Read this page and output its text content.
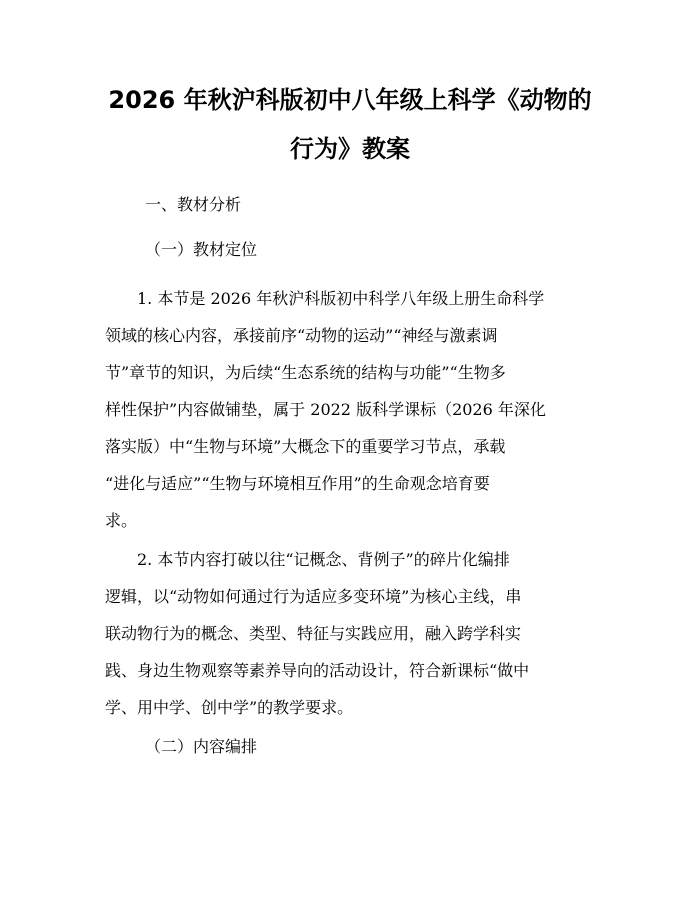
2026 年秋沪科版初中八年级上科学《动物的
行为》教案

一、教材分析

（一）教材定位

　　1. 本节是 2026 年秋沪科版初中科学八年级上册生命科学
领域的核心内容，承接前序“动物的运动”“神经与激素调
节”章节的知识，为后续“生态系统的结构与功能”“生物多
样性保护”内容做铺垫，属于 2022 版科学课标（2026 年深化
落实版）中“生物与环境”大概念下的重要学习节点，承载
“进化与适应”“生物与环境相互作用”的生命观念培育要
求。
　　2. 本节内容打破以往“记概念、背例子”的碎片化编排
逻辑，以“动物如何通过行为适应多变环境”为核心主线，串
联动物行为的概念、类型、特征与实践应用，融入跨学科实
践、身边生物观察等素养导向的活动设计，符合新课标“做中
学、用中学、创中学”的教学要求。

（二）内容编排
